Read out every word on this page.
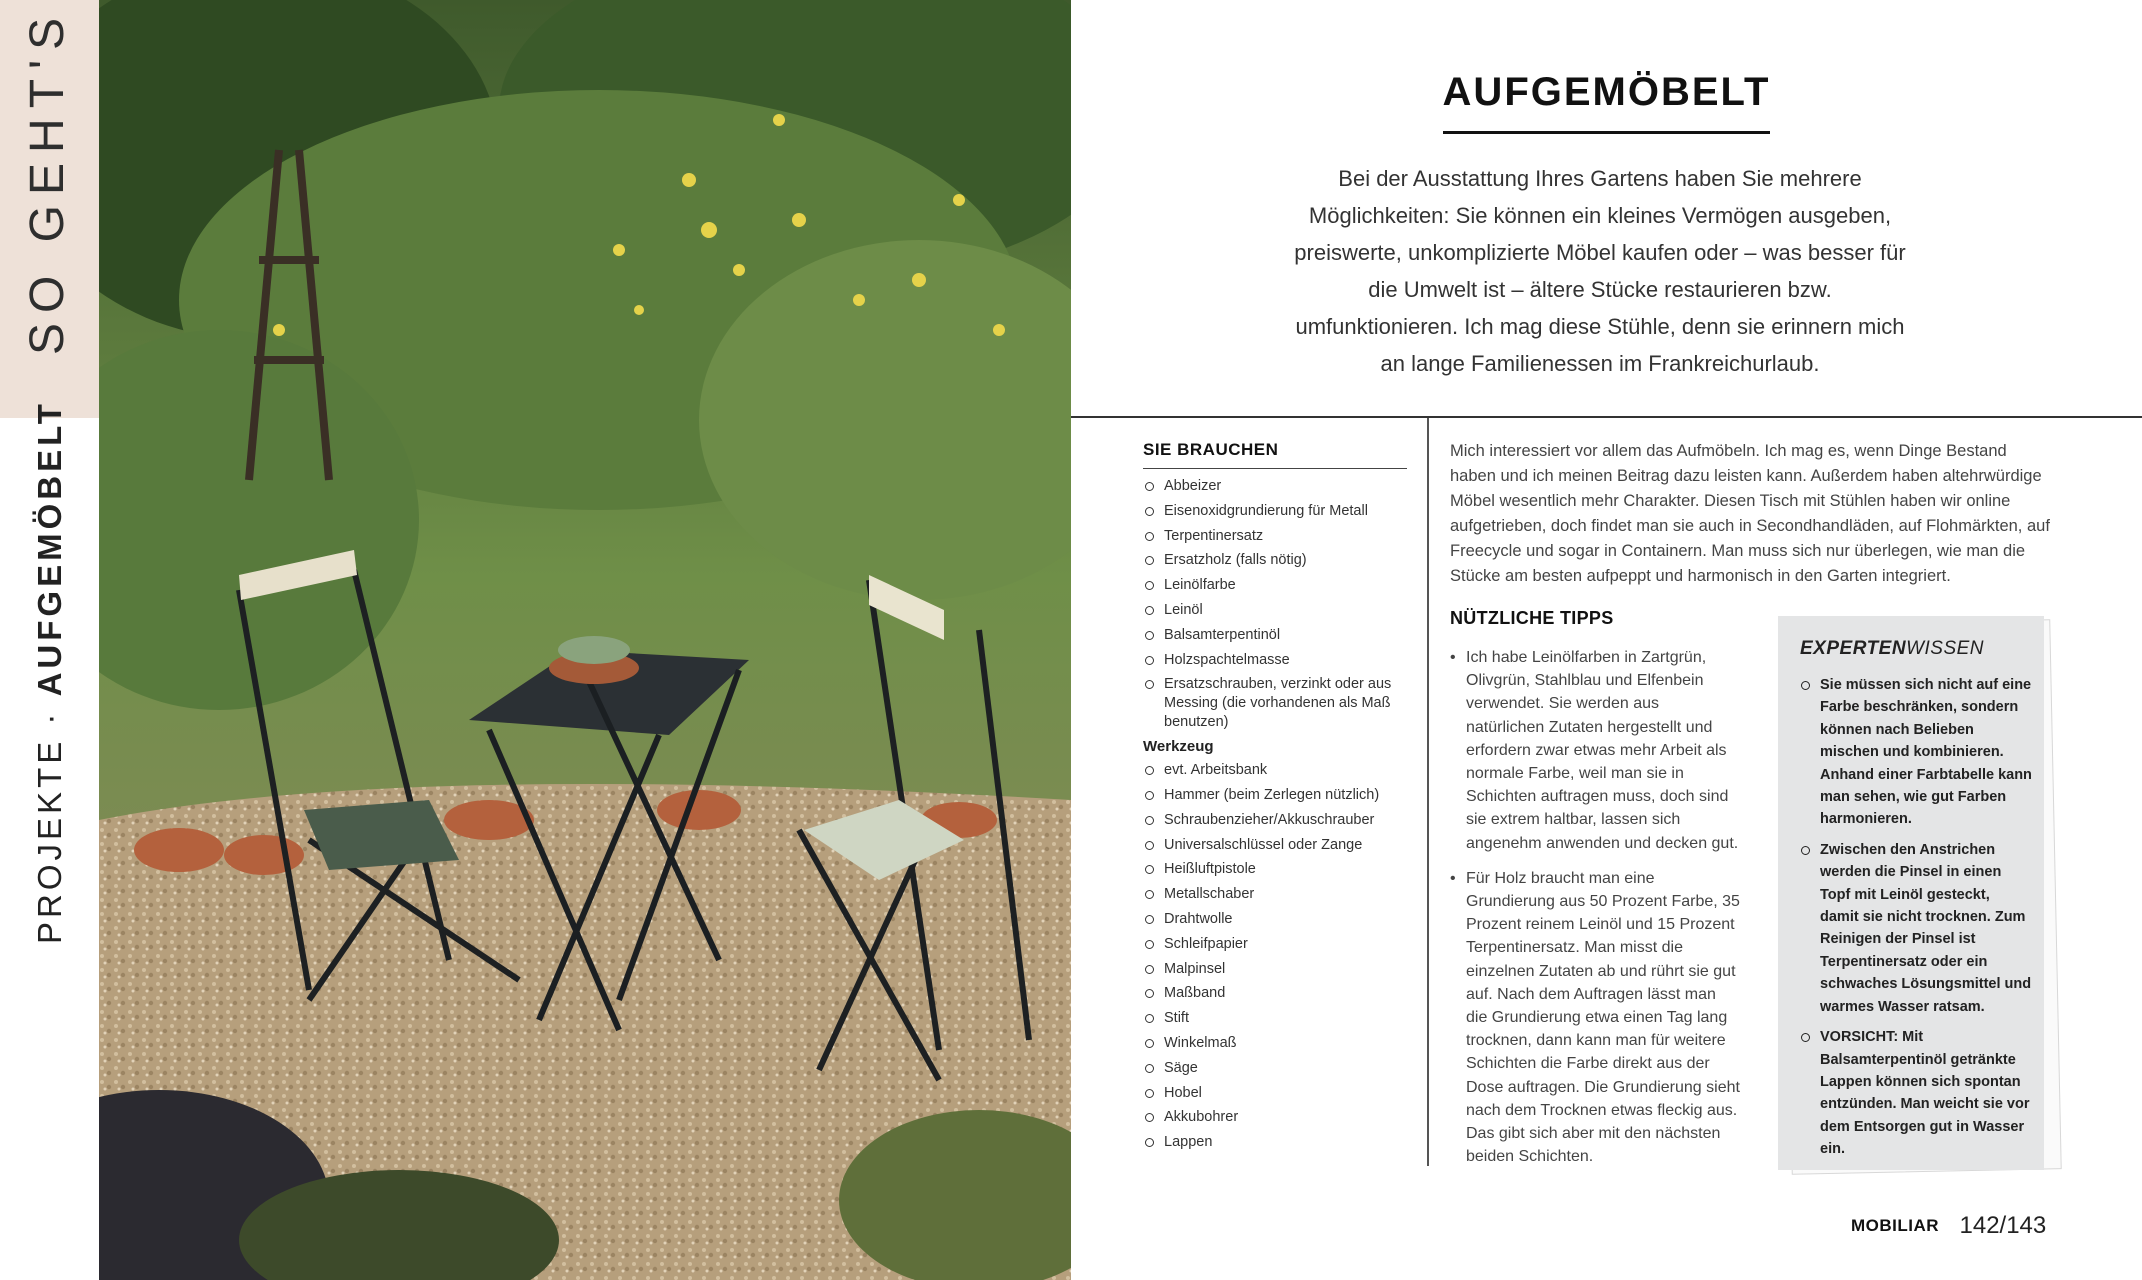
SO GEHT'S
PROJEKTE · AUFGEMÖBELT
AUFGEMÖBELT
Bei der Ausstattung Ihres Gartens haben Sie mehrere Möglichkeiten: Sie können ein kleines Vermögen ausgeben, preiswerte, unkomplizierte Möbel kaufen oder – was besser für die Umwelt ist – ältere Stücke restaurieren bzw. umfunktionieren. Ich mag diese Stühle, denn sie erinnern mich an lange Familienessen im Frankreichurlaub.
SIE BRAUCHEN
Abbeizer
Eisenoxidgrundierung für Metall
Terpentinersatz
Ersatzholz (falls nötig)
Leinölfarbe
Leinöl
Balsamterpentinöl
Holzspachtelmasse
Ersatzschrauben, verzinkt oder aus Messing (die vorhandenen als Maß benutzen)
Werkzeug
evt. Arbeitsbank
Hammer (beim Zerlegen nützlich)
Schraubenzieher/Akkuschrauber
Universalschlüssel oder Zange
Heißluftpistole
Metallschaber
Drahtwolle
Schleifpapier
Malpinsel
Maßband
Stift
Winkelmaß
Säge
Hobel
Akkubohrer
Lappen
Mich interessiert vor allem das Aufmöbeln. Ich mag es, wenn Dinge Bestand haben und ich meinen Beitrag dazu leisten kann. Außerdem haben altehrwürdige Möbel wesentlich mehr Charakter. Diesen Tisch mit Stühlen haben wir online aufgetrieben, doch findet man sie auch in Secondhandläden, auf Flohmärkten, auf Freecycle und sogar in Containern. Man muss sich nur überlegen, wie man die Stücke am besten aufpeppt und harmonisch in den Garten integriert.
NÜTZLICHE TIPPS
• Ich habe Leinölfarben in Zartgrün, Olivgrün, Stahlblau und Elfenbein verwendet. Sie werden aus natürlichen Zutaten hergestellt und erfordern zwar etwas mehr Arbeit als normale Farbe, weil man sie in Schichten auftragen muss, doch sind sie extrem haltbar, lassen sich angenehm anwenden und decken gut.
• Für Holz braucht man eine Grundierung aus 50 Prozent Farbe, 35 Prozent reinem Leinöl und 15 Prozent Terpentinersatz. Man misst die einzelnen Zutaten ab und rührt sie gut auf. Nach dem Auftragen lässt man die Grundierung etwa einen Tag lang trocknen, dann kann man für weitere Schichten die Farbe direkt aus der Dose auftragen. Die Grundierung sieht nach dem Trocknen etwas fleckig aus. Das gibt sich aber mit den nächsten beiden Schichten.
EXPERTENWISSEN
Sie müssen sich nicht auf eine Farbe beschränken, sondern können nach Belieben mischen und kombinieren. Anhand einer Farbtabelle kann man sehen, wie gut Farben harmonieren.
Zwischen den Anstrichen werden die Pinsel in einen Topf mit Leinöl gesteckt, damit sie nicht trocknen. Zum Reinigen der Pinsel ist Terpentinersatz oder ein schwaches Lösungsmittel und warmes Wasser ratsam.
VORSICHT: Mit Balsamterpentinöl getränkte Lappen können sich spontan entzünden. Man weicht sie vor dem Entsorgen gut in Wasser ein.
MOBILIAR 142/143
